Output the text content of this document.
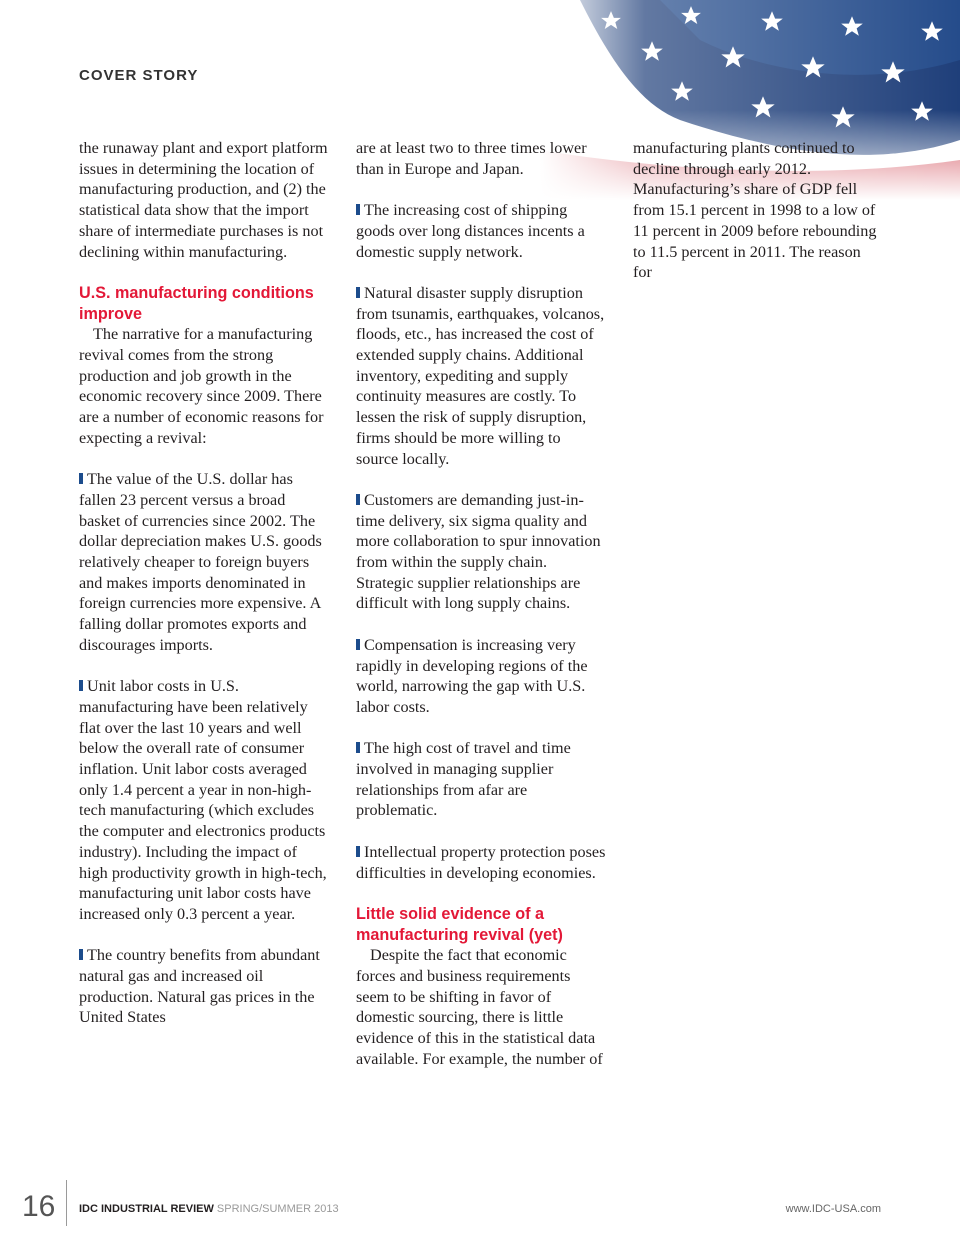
COVER STORY

the runaway plant and export platform issues in determining the location of manufacturing production, and (2) the statistical data show that the import share of intermediate purchases is not declining within manufacturing.

U.S. manufacturing conditions improve

The narrative for a manufacturing revival comes from the strong production and job growth in the economic recovery since 2009. There are a number of economic reasons for expecting a revival:

The value of the U.S. dollar has fallen 23 percent versus a broad basket of currencies since 2002. The dollar depreciation makes U.S. goods relatively cheaper to foreign buyers and makes imports denominated in foreign currencies more expensive. A falling dollar promotes exports and discourages imports.

Unit labor costs in U.S. manufacturing have been relatively flat over the last 10 years and well below the overall rate of consumer inflation. Unit labor costs averaged only 1.4 percent a year in non-high-tech manufacturing (which excludes the computer and electronics products industry). Including the impact of high productivity growth in high-tech, manufacturing unit labor costs have increased only 0.3 percent a year.

The country benefits from abundant natural gas and increased oil production. Natural gas prices in the United States

are at least two to three times lower than in Europe and Japan.

The increasing cost of shipping goods over long distances incents a domestic supply network.

Natural disaster supply disruption from tsunamis, earthquakes, volcanos, floods, etc., has increased the cost of extended supply chains. Additional inventory, expediting and supply continuity measures are costly. To lessen the risk of supply disruption, firms should be more willing to source locally.

Customers are demanding just-in-time delivery, six sigma quality and more collaboration to spur innovation from within the supply chain. Strategic supplier relationships are difficult with long supply chains.

Compensation is increasing very rapidly in developing regions of the world, narrowing the gap with U.S. labor costs.

The high cost of travel and time involved in managing supplier relationships from afar are problematic.

Intellectual property protection poses difficulties in developing economies.

Little solid evidence of a manufacturing revival (yet)

Despite the fact that economic forces and business requirements seem to be shifting in favor of domestic sourcing, there is little evidence of this in the statistical data available. For example, the number of

manufacturing plants continued to decline through early 2012. Manufacturing’s share of GDP fell from 15.1 percent in 1998 to a low of 11 percent in 2009 before rebounding to 11.5 percent in 2011. The reason for

16 IDC INDUSTRIAL REVIEW SPRING/SUMMER 2013	www.IDC-USA.com
